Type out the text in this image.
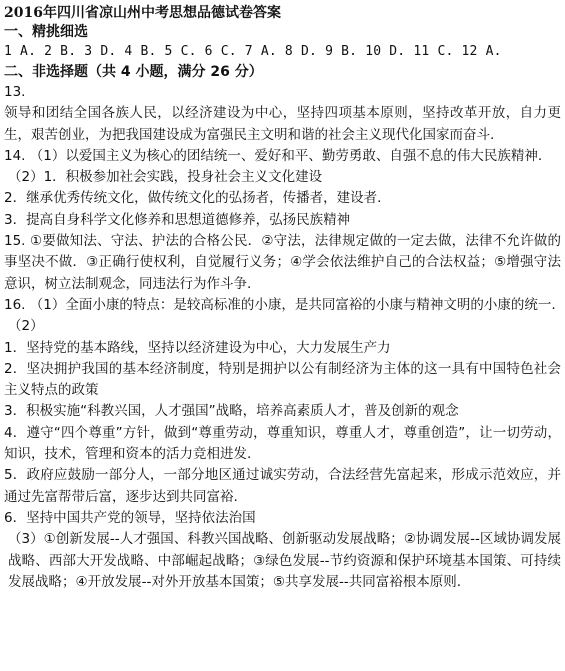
2016年四川省凉山州中考思想品德试卷答案
一、精挑细选
1 A. 2 B. 3 D. 4 B. 5 C. 6 C. 7 A. 8 D. 9 B. 10 D. 11 C. 12 A.
二、非选择题（共 4 小题，满分 26 分）
13.
领导和团结全国各族人民，以经济建设为中心，坚持四项基本原则，坚持改革开放，自力更生，艰苦创业，为把我国建设成为富强民主文明和谐的社会主义现代化国家而奋斗.
14. （1）以爱国主义为核心的团结统一、爱好和平、勤劳勇敢、自强不息的伟大民族精神.
（2）1．积极参加社会实践，投身社会主义文化建设
2．继承优秀传统文化，做传统文化的弘扬者，传播者，建设者.
3．提高自身科学文化修养和思想道德修养，弘扬民族精神
15. ①要做知法、守法、护法的合格公民．②守法，法律规定做的一定去做，法律不允许做的事坚决不做．③正确行使权利，自觉履行义务；④学会依法维护自己的合法权益；⑤增强守法意识，树立法制观念，同违法行为作斗争.
16. （1）全面小康的特点：是较高标准的小康，是共同富裕的小康与精神文明的小康的统一.
（2）
1．坚持党的基本路线，坚持以经济建设为中心，大力发展生产力
2．坚决拥护我国的基本经济制度，特别是拥护以公有制经济为主体的这一具有中国特色社会主义特点的政策
3．积极实施“科教兴国，人才强国”战略，培养高素质人才，普及创新的观念
4．遵守“四个尊重”方针，做到“尊重劳动，尊重知识，尊重人才，尊重创造”，让一切劳动，知识，技术，管理和资本的活力竞相进发.
5．政府应鼓励一部分人，一部分地区通过诚实劳动，合法经营先富起来，形成示范效应，并通过先富帮带后富，逐步达到共同富裕.
6．坚持中国共产党的领导，坚持依法治国
（3）①创新发展--人才强国、科教兴国战略、创新驱动发展战略；②协调发展--区域协调发展战略、西部大开发战略、中部崛起战略；③绿色发展--节约资源和保护环境基本国策、可持续发展战略；④开放发展--对外开放基本国策；⑤共享发展--共同富裕根本原则.
